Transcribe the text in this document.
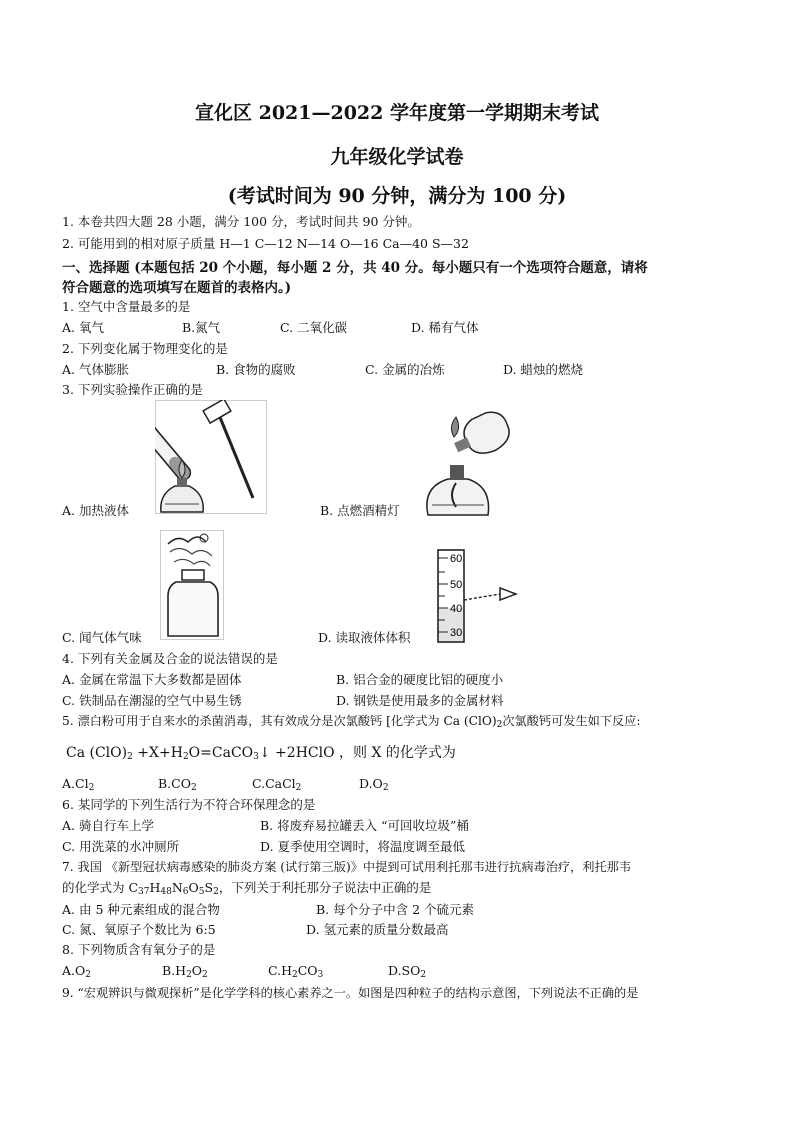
宣化区 2021—2022 学年度第一学期期末考试
九年级化学试卷
(考试时间为 90 分钟，满分为 100 分)
1. 本卷共四大题 28 小题，满分 100 分，考试时间共 90 分钟。
2. 可能用到的相对原子质量 H—1 C—12 N—14 O—16 Ca—40 S—32
一、选择题 (本题包括 20 个小题，每小题 2 分，共 40 分。每小题只有一个选项符合题意，请将
符合题意的选项填写在题首的表格内。)
1. 空气中含量最多的是
A. 氧气	B.氮气	C. 二氧化碳	D. 稀有气体
2. 下列变化属于物理变化的是
A. 气体膨胀	B. 食物的腐败	C. 金属的冶炼	D. 蜡烛的燃烧
3. 下列实验操作正确的是
A. 加热液体	B. 点燃酒精灯
C. 闻气体气味
60
50
40
30
D. 读取液体体积
4. 下列有关金属及合金的说法错误的是
A. 金属在常温下大多数都是固体	B. 铝合金的硬度比铝的硬度小
C. 铁制品在潮湿的空气中易生锈	D. 钢铁是使用最多的金属材料
5. 漂白粉可用于自来水的杀菌消毒，其有效成分是次氯酸钙 [化学式为 Ca $(ClO)_2$次氯酸钙可发生如下反应:
Ca $(ClO)_2$ $+X+H_2O=CaCO_3↓$ +2HClO ，则 X 的化学式为
$A.Cl_2$	$B.CO_2$	C.CaCl$_2$	$D.O_2$
6. 某同学的下列生活行为不符合环保理念的是
A. 骑自行车上学	B. 将废弃易拉罐丢入 “可回收垃圾”桶
C. 用洗菜的水冲厕所	D. 夏季使用空调时，将温度调至最低
7. 我国 《新型冠状病毒感染的肺炎方案 (试行第三版)》中提到可试用利托那韦进行抗病毒治疗，利托那韦
的化学式为 $C_{37}H_{48}N_6O_5S_2$，下列关于利托那分子说法中正确的是
A. 由 5 种元素组成的混合物	B. 每个分子中含 2 个硫元素
C. 氮、氧原子个数比为 6:5	D. 氢元素的质量分数最高
8. 下列物质含有氧分子的是
$A.O_2$	$B.H_2O_2$	$C.H_2CO_3$	$D.SO_2$
9. “宏观辨识与微观探析”是化学学科的核心素养之一。如图是四种粒子的结构示意图，下列说法不正确的是
